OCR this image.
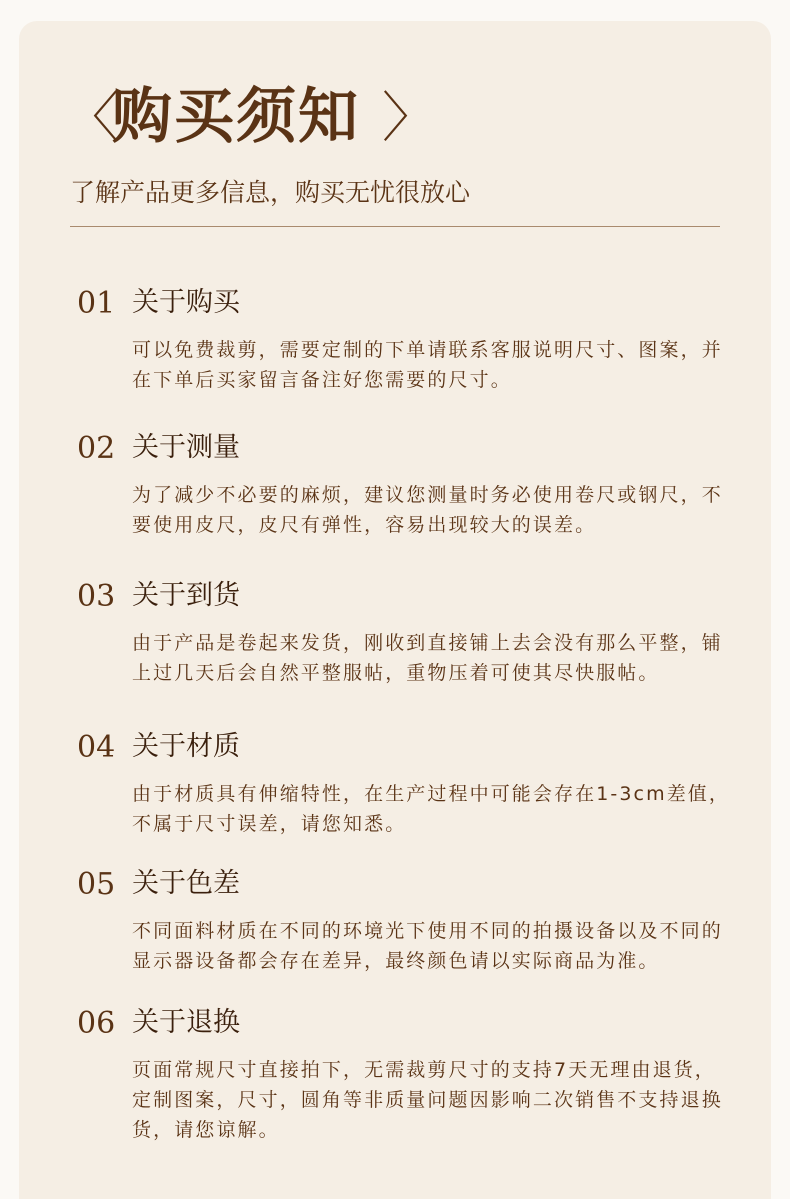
〈
购买须知 〉
了解产品更多信息，购买无忧很放心
01 关于购买
可以免费裁剪，需要定制的下单请联系客服说明尺寸、图案，并在下单后买家留言备注好您需要的尺寸。
02 关于测量
为了减少不必要的麻烦，建议您测量时务必使用卷尺或钢尺，不要使用皮尺，皮尺有弹性，容易出现较大的误差。
03 关于到货
由于产品是卷起来发货，刚收到直接铺上去会没有那么平整，铺上过几天后会自然平整服帖，重物压着可使其尽快服帖。
04 关于材质
由于材质具有伸缩特性，在生产过程中可能会存在1-3cm差值，不属于尺寸误差，请您知悉。
05 关于色差
不同面料材质在不同的环境光下使用不同的拍摄设备以及不同的显示器设备都会存在差异，最终颜色请以实际商品为准。
06 关于退换
页面常规尺寸直接拍下，无需裁剪尺寸的支持7天无理由退货，定制图案，尺寸，圆角等非质量问题因影响二次销售不支持退换货，请您谅解。
